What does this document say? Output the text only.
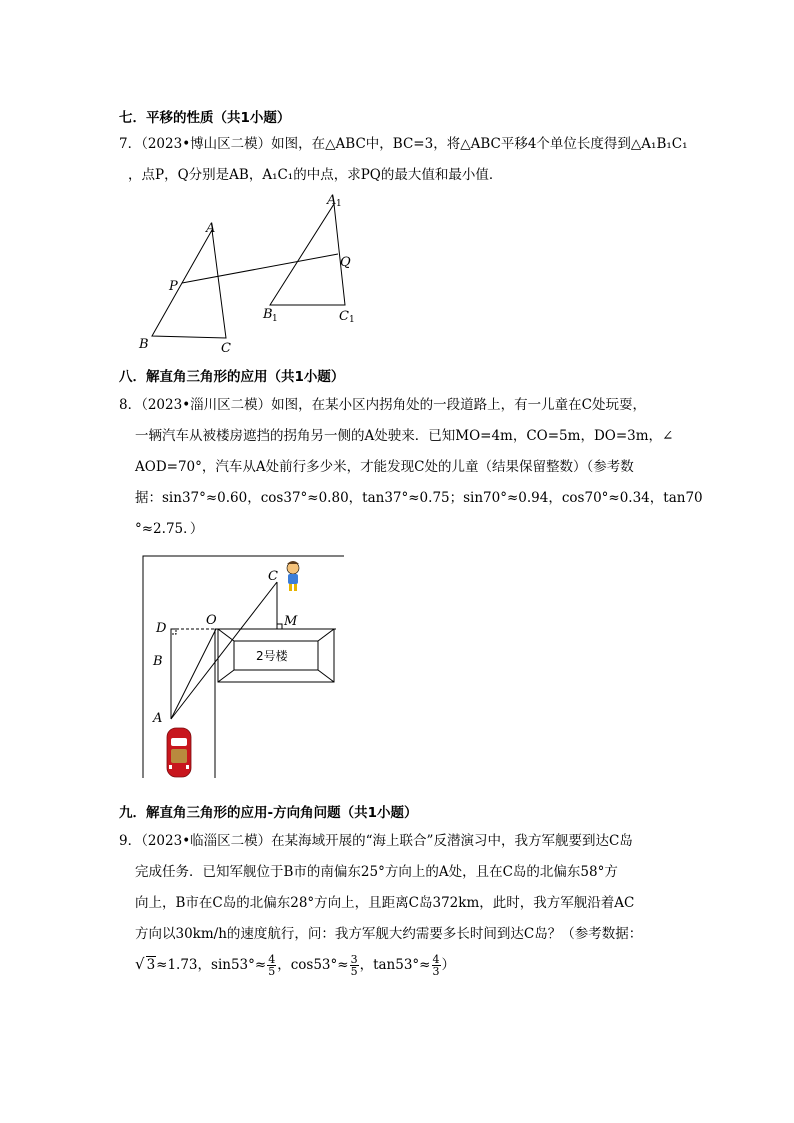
七．平移的性质（共1小题）
7．（2023•博山区二模）如图，在△ABC中，BC=3，将△ABC平移4个单位长度得到△A₁B₁C₁
，点P，Q分别是AB，A₁C₁的中点，求PQ的最大值和最小值．
A
B	C
P
Q
A
B	C
1
1	1
八．解直角三角形的应用（共1小题）
8．（2023•淄川区二模）如图，在某小区内拐角处的一段道路上，有一儿童在C处玩耍，
一辆汽车从被楼房遮挡的拐角另一侧的A处驶来．已知MO=4m，CO=5m，DO=3m，∠
AOD=70°，汽车从A处前行多少米，才能发现C处的儿童（结果保留整数）（参考数
据：sin37°≈0.60，cos37°≈0.80，tan37°≈0.75；sin70°≈0.94，cos70°≈0.34，tan70
°≈2.75．）
C
D
O	M
B
A
2号楼
九．解直角三角形的应用-方向角问题（共1小题）
9．（2023•临淄区二模）在某海域开展的“海上联合”反潜演习中，我方军舰要到达C岛
完成任务．已知军舰位于B市的南偏东25°方向上的A处，且在C岛的北偏东58°方
向上，B市在C岛的北偏东28°方向上，且距离C岛372km，此时，我方军舰沿着AC
方向以30km/h的速度航行，问：我方军舰大约需要多长时间到达C岛？（参考数据：
√ 3≈1.73，$\sin 53^\circ\approx \frac{4}{5}$ ，$\cos 53^\circ\approx \frac{3}{5}$ ，$\tan 53^\circ\approx \frac{4}{3}$ ）
